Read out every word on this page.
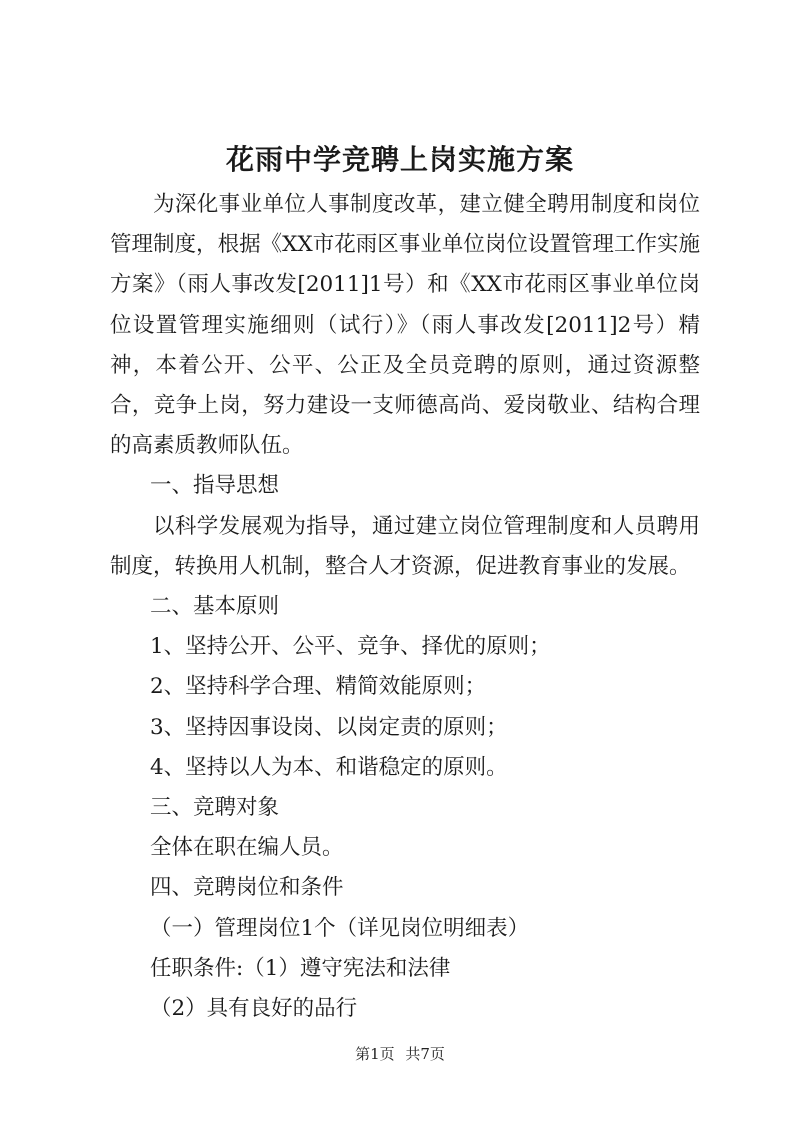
花雨中学竞聘上岗实施方案

为深化事业单位人事制度改革，建立健全聘用制度和岗位管理制度，根据《XX市花雨区事业单位岗位设置管理工作实施方案》（雨人事改发[2011]1号）和《XX市花雨区事业单位岗位设置管理实施细则（试行）》（雨人事改发[2011]2号）精神，本着公开、公平、公正及全员竞聘的原则，通过资源整合，竞争上岗，努力建设一支师德高尚、爱岗敬业、结构合理的高素质教师队伍。

一、指导思想

以科学发展观为指导，通过建立岗位管理制度和人员聘用制度，转换用人机制，整合人才资源，促进教育事业的发展。

二、基本原则
1、坚持公开、公平、竞争、择优的原则；
2、坚持科学合理、精简效能原则；
3、坚持因事设岗、以岗定责的原则；
4、坚持以人为本、和谐稳定的原则。
三、竞聘对象
全体在职在编人员。
四、竞聘岗位和条件
（一）管理岗位1个（详见岗位明细表）
任职条件:（1）遵守宪法和法律
（2）具有良好的品行
第1页 共7页
